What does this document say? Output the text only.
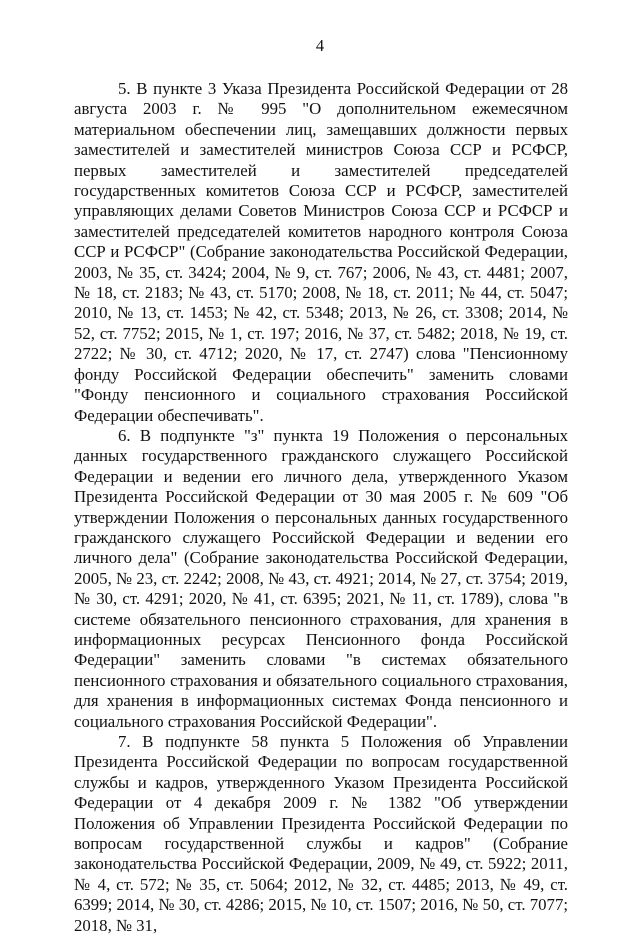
4

5. В пункте 3 Указа Президента Российской Федерации от 28 августа 2003 г. № 995 "О дополнительном ежемесячном материальном обеспечении лиц, замещавших должности первых заместителей и заместителей министров Союза ССР и РСФСР, первых заместителей и заместителей председателей государственных комитетов Союза ССР и РСФСР, заместителей управляющих делами Советов Министров Союза ССР и РСФСР и заместителей председателей комитетов народного контроля Союза ССР и РСФСР" (Собрание законодательства Российской Федерации, 2003, № 35, ст. 3424; 2004, № 9, ст. 767; 2006, № 43, ст. 4481; 2007, № 18, ст. 2183; № 43, ст. 5170; 2008, № 18, ст. 2011; № 44, ст. 5047; 2010, № 13, ст. 1453; № 42, ст. 5348; 2013, № 26, ст. 3308; 2014, № 52, ст. 7752; 2015, № 1, ст. 197; 2016, № 37, ст. 5482; 2018, № 19, ст. 2722; № 30, ст. 4712; 2020, № 17, ст. 2747) слова "Пенсионному фонду Российской Федерации обеспечить" заменить словами "Фонду пенсионного и социального страхования Российской Федерации обеспечивать".

6. В подпункте "з" пункта 19 Положения о персональных данных государственного гражданского служащего Российской Федерации и ведении его личного дела, утвержденного Указом Президента Российской Федерации от 30 мая 2005 г. № 609 "Об утверждении Положения о персональных данных государственного гражданского служащего Российской Федерации и ведении его личного дела" (Собрание законодательства Российской Федерации, 2005, № 23, ст. 2242; 2008, № 43, ст. 4921; 2014, № 27, ст. 3754; 2019, № 30, ст. 4291; 2020, № 41, ст. 6395; 2021, № 11, ст. 1789), слова "в системе обязательного пенсионного страхования, для хранения в информационных ресурсах Пенсионного фонда Российской Федерации" заменить словами "в системах обязательного пенсионного страхования и обязательного социального страхования, для хранения в информационных системах Фонда пенсионного и социального страхования Российской Федерации".

7. В подпункте 58 пункта 5 Положения об Управлении Президента Российской Федерации по вопросам государственной службы и кадров, утвержденного Указом Президента Российской Федерации от 4 декабря 2009 г. № 1382 "Об утверждении Положения об Управлении Президента Российской Федерации по вопросам государственной службы и кадров" (Собрание законодательства Российской Федерации, 2009, № 49, ст. 5922; 2011, № 4, ст. 572; № 35, ст. 5064; 2012, № 32, ст. 4485; 2013, № 49, ст. 6399; 2014, № 30, ст. 4286; 2015, № 10, ст. 1507; 2016, № 50, ст. 7077; 2018, № 31,
